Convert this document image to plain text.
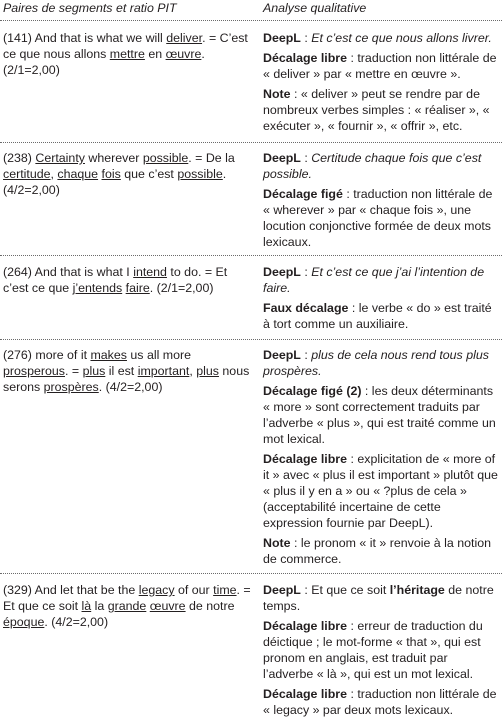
Paires de segments et ratio PIT	Analyse qualitative
(141) And that is what we will deliver. = C’est ce que nous allons mettre en œuvre. (2/1=2,00)
DeepL : Et c’est ce que nous allons livrer.
Décalage libre : traduction non littérale de « deliver » par « mettre en œuvre ».
Note : « deliver » peut se rendre par de nombreux verbes simples : « réaliser », « exécuter », « fournir », « offrir », etc.
(238) Certainty wherever possible. = De la certitude, chaque fois que c’est possible. (4/2=2,00)
DeepL : Certitude chaque fois que c’est possible.
Décalage figé : traduction non littérale de « wherever » par « chaque fois », une locution conjonctive formée de deux mots lexicaux.
(264) And that is what I intend to do. = Et c’est ce que j’entends faire. (2/1=2,00)
DeepL : Et c’est ce que j’ai l’intention de faire.
Faux décalage : le verbe « do » est traité à tort comme un auxiliaire.
(276) more of it makes us all more prosperous. = plus il est important, plus nous serons prospères. (4/2=2,00)
DeepL : plus de cela nous rend tous plus prospères.
Décalage figé (2) : les deux déterminants « more » sont correctement traduits par l’adverbe « plus », qui est traité comme un mot lexical.
Décalage libre : explicitation de « more of it » avec « plus il est important » plutôt que « plus il y en a » ou « ?plus de cela » (acceptabilité incertaine de cette expression fournie par DeepL).
Note : le pronom « it » renvoie à la notion de commerce.
(329) And let that be the legacy of our time. = Et que ce soit là la grande œuvre de notre époque. (4/2=2,00)
DeepL : Et que ce soit l’héritage de notre temps.
Décalage libre : erreur de traduction du déictique ; le mot-forme « that », qui est pronom en anglais, est traduit par l’adverbe « là », qui est un mot lexical.
Décalage libre : traduction non littérale de « legacy » par deux mots lexicaux.
